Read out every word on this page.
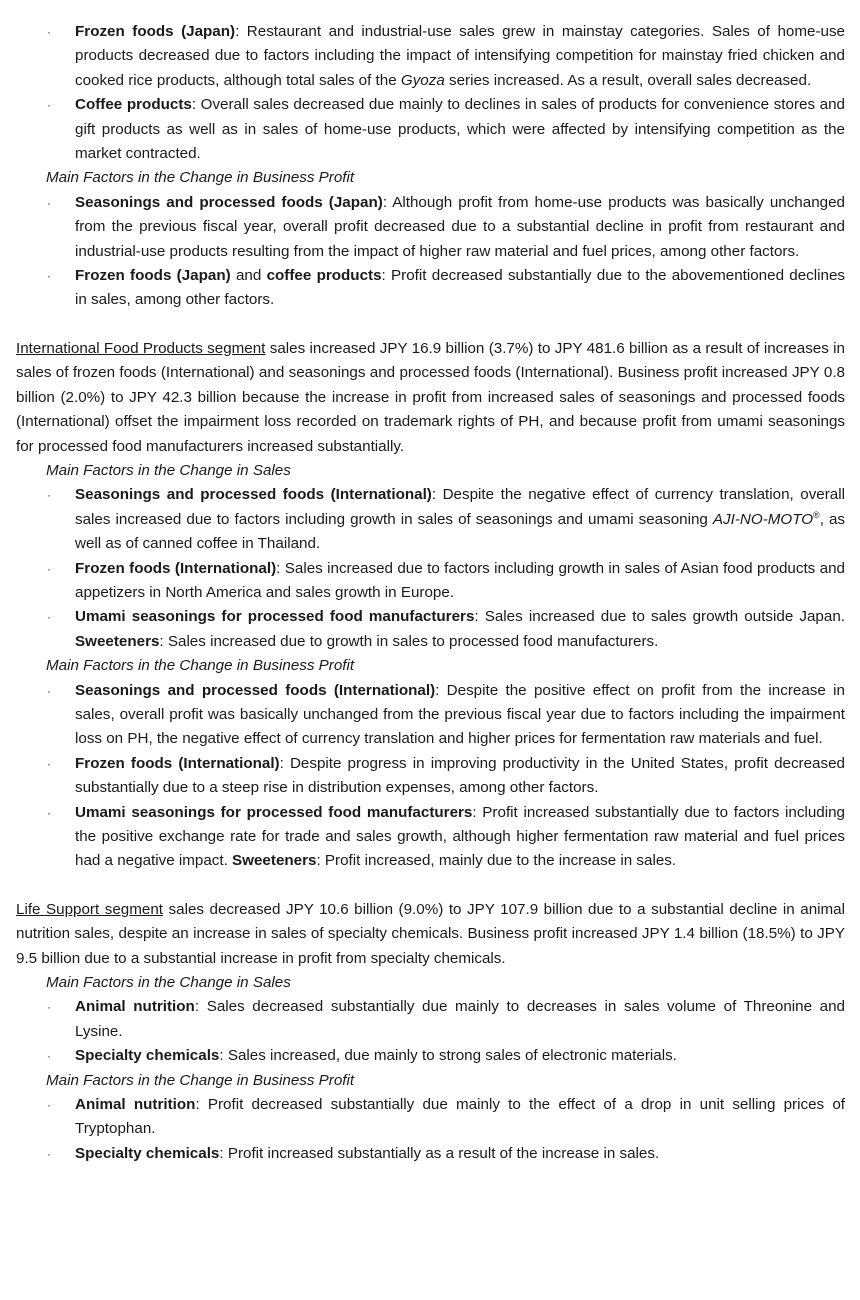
· Frozen foods (Japan): Restaurant and industrial-use sales grew in mainstay categories. Sales of home-use products decreased due to factors including the impact of intensifying competition for mainstay fried chicken and cooked rice products, although total sales of the Gyoza series increased. As a result, overall sales decreased.
· Coffee products: Overall sales decreased due mainly to declines in sales of products for convenience stores and gift products as well as in sales of home-use products, which were affected by intensifying competition as the market contracted.
Main Factors in the Change in Business Profit
· Seasonings and processed foods (Japan): Although profit from home-use products was basically unchanged from the previous fiscal year, overall profit decreased due to a substantial decline in profit from restaurant and industrial-use products resulting from the impact of higher raw material and fuel prices, among other factors.
· Frozen foods (Japan) and coffee products: Profit decreased substantially due to the abovementioned declines in sales, among other factors.
International Food Products segment sales increased JPY 16.9 billion (3.7%) to JPY 481.6 billion as a result of increases in sales of frozen foods (International) and seasonings and processed foods (International). Business profit increased JPY 0.8 billion (2.0%) to JPY 42.3 billion because the increase in profit from increased sales of seasonings and processed foods (International) offset the impairment loss recorded on trademark rights of PH, and because profit from umami seasonings for processed food manufacturers increased substantially.
Main Factors in the Change in Sales
· Seasonings and processed foods (International): Despite the negative effect of currency translation, overall sales increased due to factors including growth in sales of seasonings and umami seasoning AJI-NO-MOTO®, as well as of canned coffee in Thailand.
· Frozen foods (International): Sales increased due to factors including growth in sales of Asian food products and appetizers in North America and sales growth in Europe.
· Umami seasonings for processed food manufacturers: Sales increased due to sales growth outside Japan. Sweeteners: Sales increased due to growth in sales to processed food manufacturers.
Main Factors in the Change in Business Profit
· Seasonings and processed foods (International): Despite the positive effect on profit from the increase in sales, overall profit was basically unchanged from the previous fiscal year due to factors including the impairment loss on PH, the negative effect of currency translation and higher prices for fermentation raw materials and fuel.
· Frozen foods (International): Despite progress in improving productivity in the United States, profit decreased substantially due to a steep rise in distribution expenses, among other factors.
· Umami seasonings for processed food manufacturers: Profit increased substantially due to factors including the positive exchange rate for trade and sales growth, although higher fermentation raw material and fuel prices had a negative impact. Sweeteners: Profit increased, mainly due to the increase in sales.
Life Support segment sales decreased JPY 10.6 billion (9.0%) to JPY 107.9 billion due to a substantial decline in animal nutrition sales, despite an increase in sales of specialty chemicals. Business profit increased JPY 1.4 billion (18.5%) to JPY 9.5 billion due to a substantial increase in profit from specialty chemicals.
Main Factors in the Change in Sales
· Animal nutrition: Sales decreased substantially due mainly to decreases in sales volume of Threonine and Lysine.
· Specialty chemicals: Sales increased, due mainly to strong sales of electronic materials.
Main Factors in the Change in Business Profit
· Animal nutrition: Profit decreased substantially due mainly to the effect of a drop in unit selling prices of Tryptophan.
· Specialty chemicals: Profit increased substantially as a result of the increase in sales.
